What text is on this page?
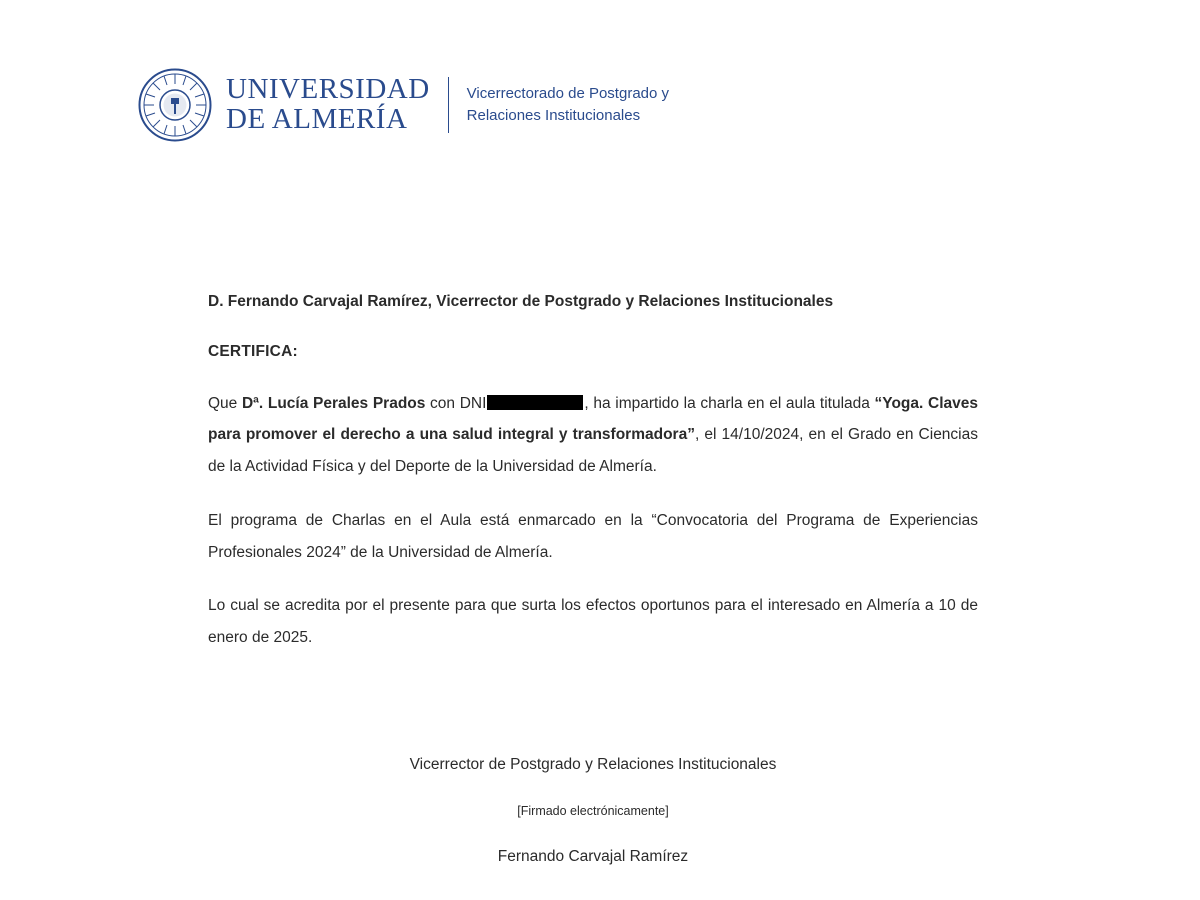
UNIVERSIDAD
DE ALMERÍA
Vicerrectorado de Postgrado y
Relaciones Institucionales

D. Fernando Carvajal Ramírez, Vicerrector de Postgrado y Relaciones Institucionales

CERTIFICA:

Que Dª. Lucía Perales Prados con DNI	, ha impartido la charla en el aula titulada “Yoga. Claves para promover el derecho a una salud integral y transformadora”, el 14/10/2024, en el Grado en Ciencias de la Actividad Física y del Deporte de la Universidad de Almería.

El programa de Charlas en el Aula está enmarcado en la “Convocatoria del Programa de Experiencias Profesionales 2024” de la Universidad de Almería.

Lo cual se acredita por el presente para que surta los efectos oportunos para el interesado en Almería a 10 de enero de 2025.

Vicerrector de Postgrado y Relaciones Institucionales
[Firmado electrónicamente]
Fernando Carvajal Ramírez
